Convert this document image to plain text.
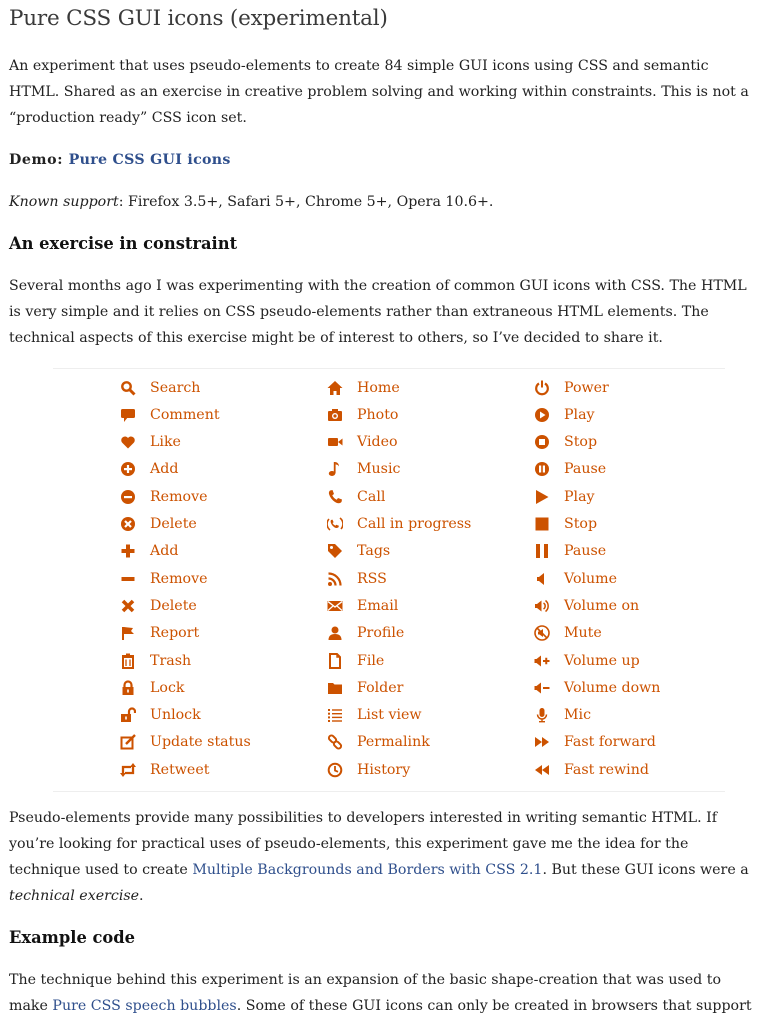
Pure CSS GUI icons (experimental)

An experiment that uses pseudo-elements to create 84 simple GUI icons using CSS and semantic
HTML. Shared as an exercise in creative problem solving and working within constraints. This is not a
“production ready” CSS icon set.

Demo: Pure CSS GUI icons

Known support: Firefox 3.5+, Safari 5+, Chrome 5+, Opera 10.6+.

An exercise in constraint

Several months ago I was experimenting with the creation of common GUI icons with CSS. The HTML
is very simple and it relies on CSS pseudo-elements rather than extraneous HTML elements. The
technical aspects of this exercise might be of interest to others, so I’ve decided to share it.

Search
Comment
Like
Add
Remove
Delete
Add
Remove
Delete
Report
Trash
Lock
Unlock
Update status
Retweet
Home
Photo
Video
Music
Call
Call in progress
Tags
RSS
Email
Profile
File
Folder
List view
Permalink
History
Power
Play
Stop
Pause
Play
Stop
Pause
Volume
Volume on
Mute
Volume up
Volume down
Mic
Fast forward
Fast rewind

Pseudo-elements provide many possibilities to developers interested in writing semantic HTML. If
you’re looking for practical uses of pseudo-elements, this experiment gave me the idea for the
technique used to create Multiple Backgrounds and Borders with CSS 2.1. But these GUI icons were a
technical exercise.

Example code

The technique behind this experiment is an expansion of the basic shape-creation that was used to
make Pure CSS speech bubbles. Some of these GUI icons can only be created in browsers that support
